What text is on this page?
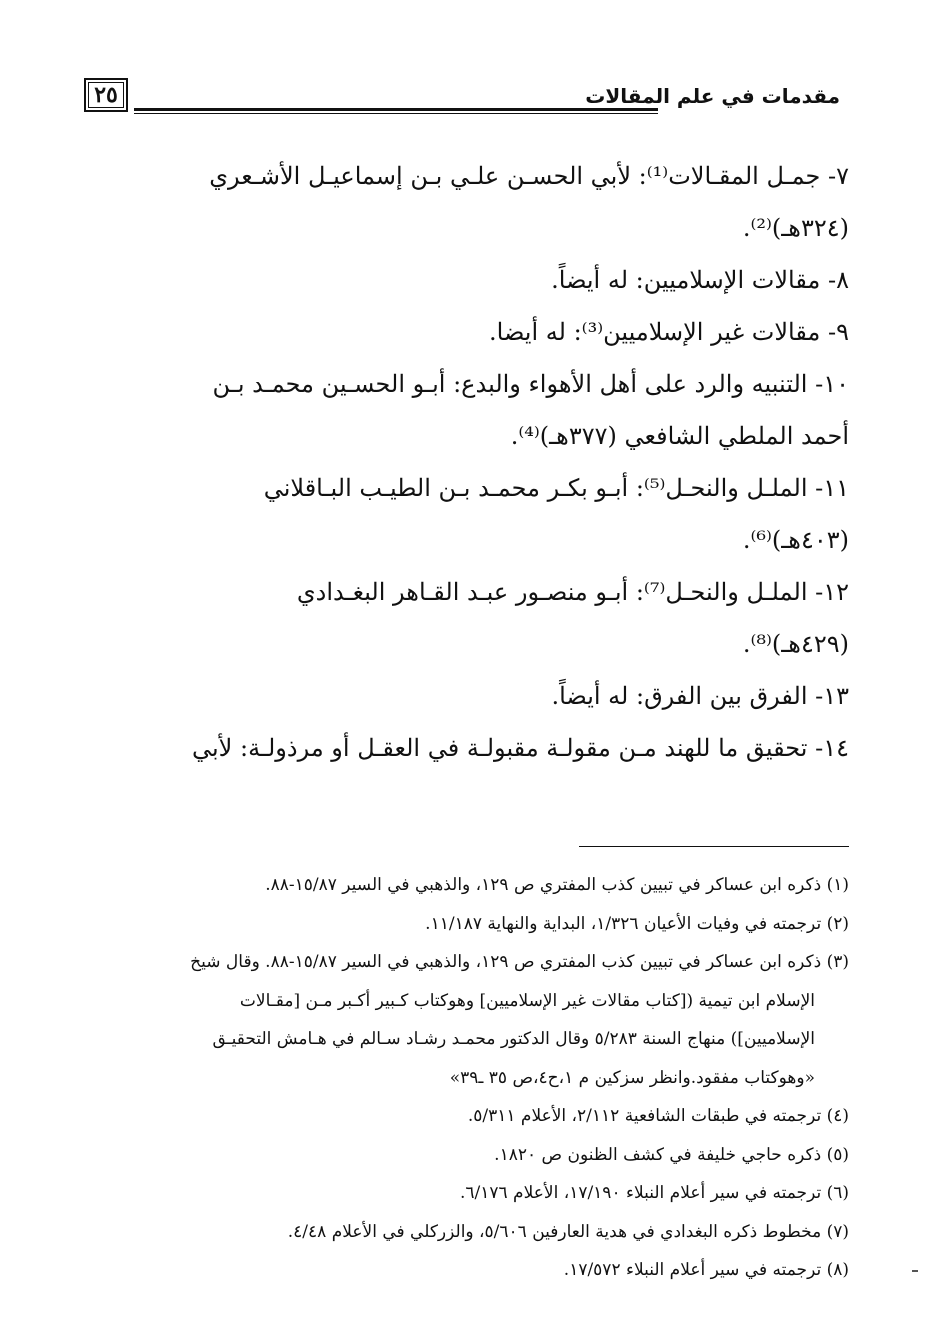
٢٥	مقدمات في علم المقالات

٧- جمـل المقـالات⁽¹⁾: لأبي الحسـن علـي بـن إسماعيـل الأشـعري
(٣٢٤هـ)⁽²⁾.

٨- مقالات الإسلاميين: له أيضاً.

٩- مقالات غير الإسلاميين⁽³⁾: له أيضا.

١٠- التنبيه والرد على أهل الأهواء والبدع: أبـو الحسـين محمـد بـن
أحمد الملطي الشافعي (٣٧٧هـ)⁽⁴⁾.

١١- الملـل والنحـل⁽⁵⁾: أبـو بكـر محمـد بـن الطيـب البـاقلاني
(٤٠٣هـ)⁽⁶⁾.

١٢- الملـل والنحـل⁽⁷⁾: أبـو منصـور عبـد القـاهر البغـدادي
(٤٢٩هـ)⁽⁸⁾.

١٣- الفرق بين الفرق: له أيضاً.

١٤- تحقيق ما للهند مـن مقولـة مقبولـة في العقـل أو مرذولـة: لأبي

(١) ذكره ابن عساكر في تبيين كذب المفتري ص ١٢٩، والذهبي في السير ١٥/٨٧-٨٨.

(٢) ترجمته في وفيات الأعيان ١/٣٢٦، البداية والنهاية ١١/١٨٧.

(٣) ذكره ابن عساكر في تبيين كذب المفتري ص ١٢٩، والذهبي في السير ١٥/٨٧-٨٨. وقال شيخ
الإسلام ابن تيمية ([كتاب مقالات غير الإسلاميين] وهوكتاب كـبير أكـبر مـن [مقـالات
الإسلاميين]) منهاج السنة ٥/٢٨٣ وقال الدكتور محمـد رشـاد سـالم في هـامش التحقيـق
«وهوكتاب مفقود.وانظر سزكين م ١،ح٤،ص ٣٥ ـ٣٩»

(٤) ترجمته في طبقات الشافعية ٢/١١٢، الأعلام ٥/٣١١.

(٥) ذكره حاجي خليفة في كشف الظنون ص ١٨٢٠.

(٦) ترجمته في سير أعلام النبلاء ١٧/١٩٠، الأعلام ٦/١٧٦.

(٧) مخطوط ذكره البغدادي في هدية العارفين ٥/٦٠٦، والزركلي في الأعلام ٤/٤٨.

(٨) ترجمته في سير أعلام النبلاء ١٧/٥٧٢.
